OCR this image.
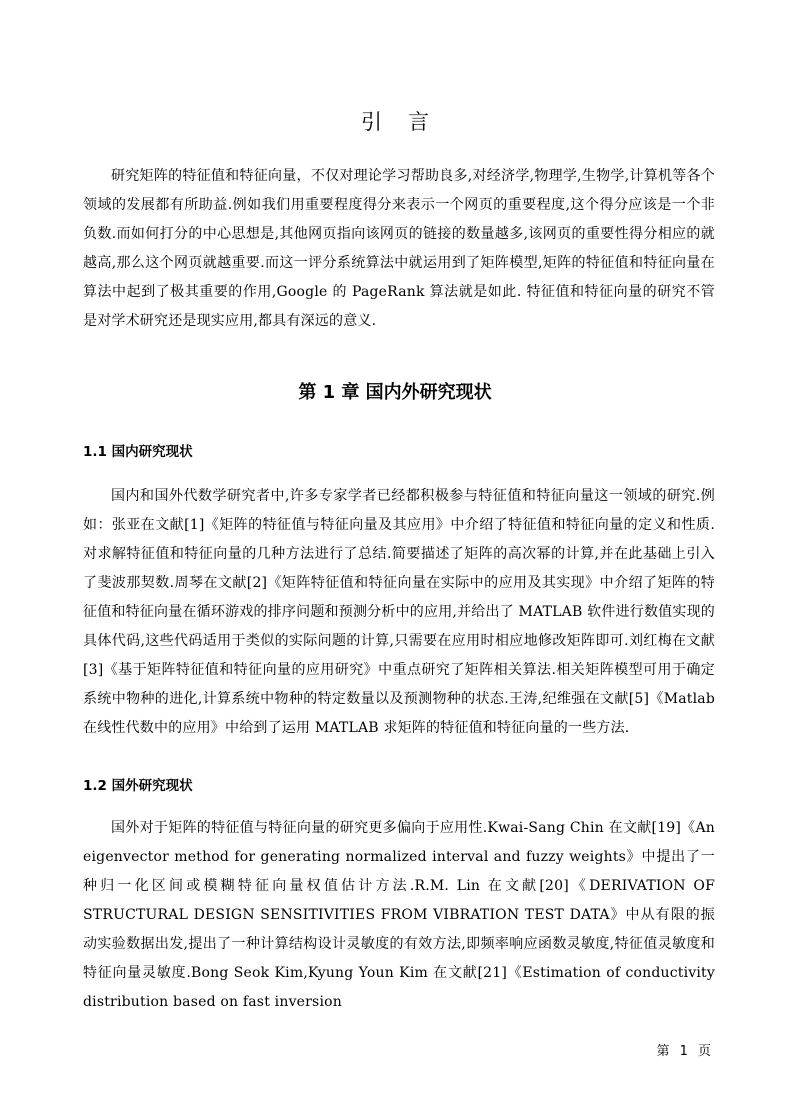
引言

研究矩阵的特征值和特征向量，不仅对理论学习帮助良多,对经济学,物理学,生物学,计算机等各个领域的发展都有所助益.例如我们用重要程度得分来表示一个网页的重要程度,这个得分应该是一个非负数.而如何打分的中心思想是,其他网页指向该网页的链接的数量越多,该网页的重要性得分相应的就越高,那么这个网页就越重要.而这一评分系统算法中就运用到了矩阵模型,矩阵的特征值和特征向量在算法中起到了极其重要的作用,Google 的 PageRank 算法就是如此. 特征值和特征向量的研究不管是对学术研究还是现实应用,都具有深远的意义.

第 1 章 国内外研究现状
1.1 国内研究现状

国内和国外代数学研究者中,许多专家学者已经都积极参与特征值和特征向量这一领域的研究.例如：张亚在文献[1]《矩阵的特征值与特征向量及其应用》中介绍了特征值和特征向量的定义和性质.对求解特征值和特征向量的几种方法进行了总结.简要描述了矩阵的高次幂的计算,并在此基础上引入了斐波那契数.周琴在文献[2]《矩阵特征值和特征向量在实际中的应用及其实现》中介绍了矩阵的特征值和特征向量在循环游戏的排序问题和预测分析中的应用,并给出了 MATLAB 软件进行数值实现的具体代码,这些代码适用于类似的实际问题的计算,只需要在应用时相应地修改矩阵即可.刘红梅在文献[3]《基于矩阵特征值和特征向量的应用研究》中重点研究了矩阵相关算法.相关矩阵模型可用于确定系统中物种的进化,计算系统中物种的特定数量以及预测物种的状态.王涛,纪维强在文献[5]《Matlab 在线性代数中的应用》中给到了运用 MATLAB 求矩阵的特征值和特征向量的一些方法.

1.2 国外研究现状

国外对于矩阵的特征值与特征向量的研究更多偏向于应用性.Kwai-Sang Chin 在文献[19]《An eigenvector method for generating normalized interval and fuzzy weights》中提出了一种归一化区间或模糊特征向量权值估计方法.R.M. Lin 在文献[20]《DERIVATION OF STRUCTURAL DESIGN SENSITIVITIES FROM VIBRATION TEST DATA》中从有限的振动实验数据出发,提出了一种计算结构设计灵敏度的有效方法,即频率响应函数灵敏度,特征值灵敏度和特征向量灵敏度.Bong Seok Kim,Kyung Youn Kim 在文献[21]《Estimation of conductivity distribution based on fast inversion

第 1 页
